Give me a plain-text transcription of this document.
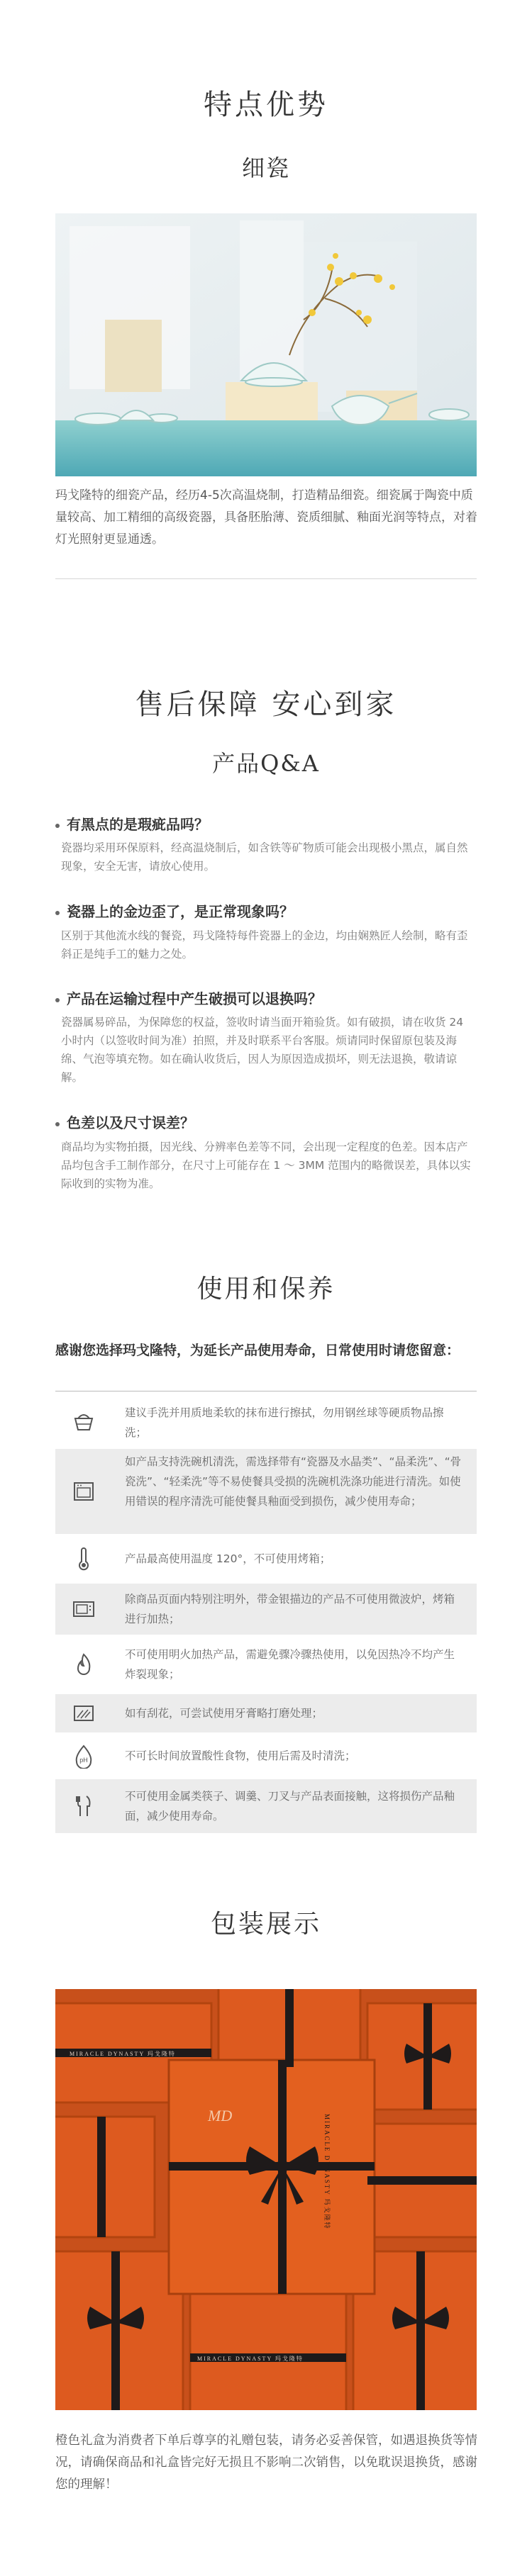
特点优势
细瓷
玛戈隆特的细瓷产品，经历4-5次高温烧制，打造精品细瓷。细瓷属于陶瓷中质量较高、加工精细的高级瓷器，具备胚胎薄、瓷质细腻、釉面光润等特点，对着灯光照射更显通透。
售后保障 安心到家
产品Q&A
有黑点的是瑕疵品吗？
瓷器均采用环保原料，经高温烧制后，如含铁等矿物质可能会出现极小黑点，属自然现象，安全无害，请放心使用。
瓷器上的金边歪了，是正常现象吗？
区别于其他流水线的餐瓷，玛戈隆特每件瓷器上的金边，均由娴熟匠人绘制，略有歪斜正是纯手工的魅力之处。
产品在运输过程中产生破损可以退换吗？
瓷器属易碎品，为保障您的权益，签收时请当面开箱验货。如有破损，请在收货 24 小时内（以签收时间为准）拍照，并及时联系平台客服。烦请同时保留原包装及海绵、气泡等填充物。如在确认收货后，因人为原因造成损坏，则无法退换，敬请谅解。
色差以及尺寸误差？
商品均为实物拍摄，因光线、分辨率色差等不同，会出现一定程度的色差。因本店产品均包含手工制作部分，在尺寸上可能存在 1 ～ 3MM 范围内的略微误差，具体以实际收到的实物为准。
使用和保养
感谢您选择玛戈隆特，为延长产品使用寿命，日常使用时请您留意：
建议手洗并用质地柔软的抹布进行擦拭，勿用钢丝球等硬质物品擦洗；
如产品支持洗碗机清洗，需选择带有“瓷器及水晶类”、“晶柔洗”、“骨瓷洗”、“轻柔洗”等不易使餐具受损的洗碗机洗涤功能进行清洗。如使用错误的程序清洗可能使餐具釉面受到损伤，减少使用寿命；
产品最高使用温度 120°，不可使用烤箱；
除商品页面内特别注明外，带金银描边的产品不可使用微波炉，烤箱进行加热；
不可使用明火加热产品，需避免骤冷骤热使用，以免因热冷不均产生炸裂现象；
如有刮花，可尝试使用牙膏略打磨处理；
pH	不可长时间放置酸性食物，使用后需及时清洗；
不可使用金属类筷子、调羹、刀叉与产品表面接触，这将损伤产品釉面，减少使用寿命。
包装展示
MD	MIRACLE DYNASTY 玛戈隆特
MIRACLE DYNASTY 玛戈隆特
MIRACLE DYNASTY 玛戈隆特
橙色礼盒为消费者下单后尊享的礼赠包装，请务必妥善保管，如遇退换货等情况，请确保商品和礼盒皆完好无损且不影响二次销售，以免耽误退换货，感谢您的理解！
